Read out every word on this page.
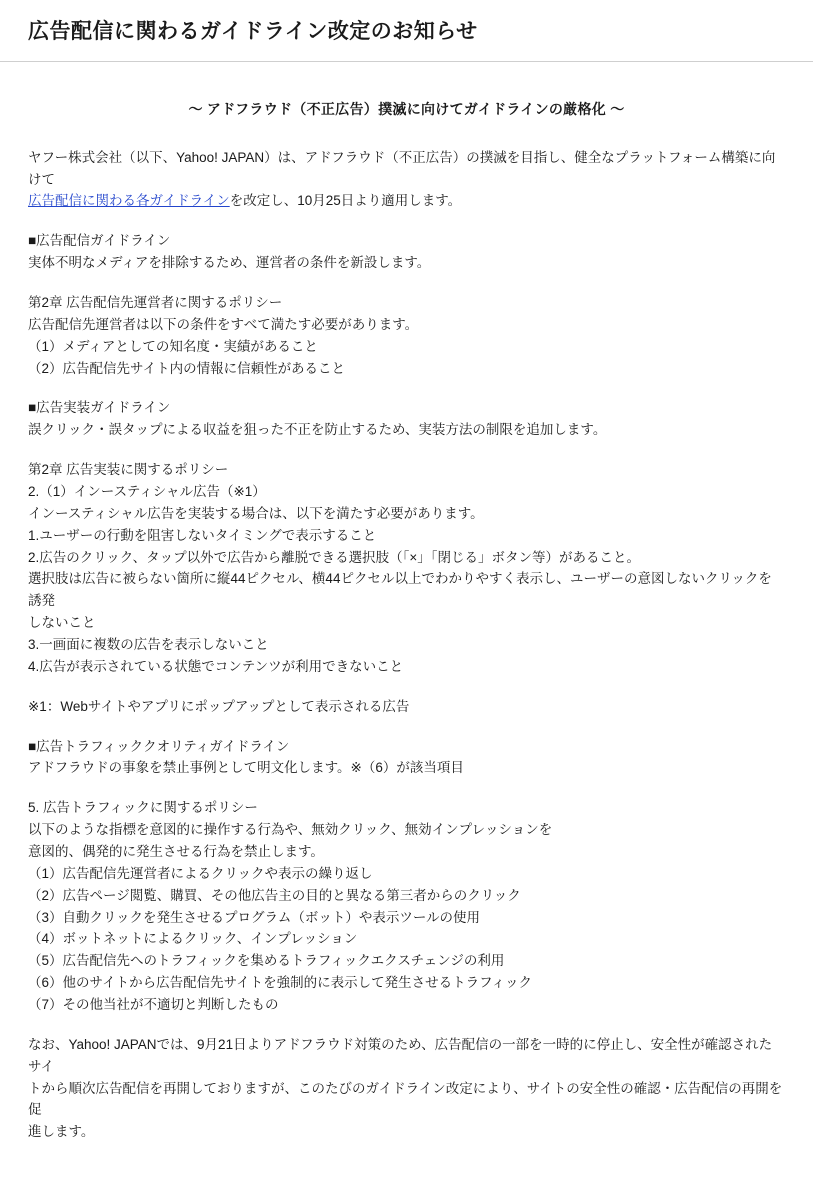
広告配信に関わるガイドライン改定のお知らせ
～ アドフラウド（不正広告）撲滅に向けてガイドラインの厳格化 ～
ヤフー株式会社（以下、Yahoo! JAPAN）は、アドフラウド（不正広告）の撲滅を目指し、健全なプラットフォーム構築に向けて
広告配信に関わる各ガイドラインを改定し、10月25日より適用します。
■広告配信ガイドライン
実体不明なメディアを排除するため、運営者の条件を新設します。
第2章 広告配信先運営者に関するポリシー
広告配信先運営者は以下の条件をすべて満たす必要があります。
（1）メディアとしての知名度・実績があること
（2）広告配信先サイト内の情報に信頼性があること
■広告実装ガイドライン
誤クリック・誤タップによる収益を狙った不正を防止するため、実装方法の制限を追加します。
第2章 広告実装に関するポリシー
2.（1）インースティシャル広告（※1）
インースティシャル広告を実装する場合は、以下を満たす必要があります。
1.ユーザーの行動を阻害しないタイミングで表示すること
2.広告のクリック、タップ以外で広告から離脱できる選択肢（「×」「閉じる」ボタン等）があること。
選択肢は広告に被らない箇所に縦44ピクセル、横44ピクセル以上でわかりやすく表示し、ユーザーの意図しないクリックを誘発
しないこと
3.一画面に複数の広告を表示しないこと
4.広告が表示されている状態でコンテンツが利用できないこと
※1：Webサイトやアプリにポップアップとして表示される広告
■広告トラフィッククオリティガイドライン
アドフラウドの事象を禁止事例として明文化します。※（6）が該当項目
5. 広告トラフィックに関するポリシー
以下のような指標を意図的に操作する行為や、無効クリック、無効インプレッションを
意図的、偶発的に発生させる行為を禁止します。
（1）広告配信先運営者によるクリックや表示の繰り返し
（2）広告ページ閲覧、購買、その他広告主の目的と異なる第三者からのクリック
（3）自動クリックを発生させるプログラム（ボット）や表示ツールの使用
（4）ボットネットによるクリック、インプレッション
（5）広告配信先へのトラフィックを集めるトラフィックエクスチェンジの利用
（6）他のサイトから広告配信先サイトを強制的に表示して発生させるトラフィック
（7）その他当社が不適切と判断したもの
なお、Yahoo! JAPANでは、9月21日よりアドフラウド対策のため、広告配信の一部を一時的に停止し、安全性が確認されたサイ
トから順次広告配信を再開しておりますが、このたびのガイドライン改定により、サイトの安全性の確認・広告配信の再開を促
進します。
